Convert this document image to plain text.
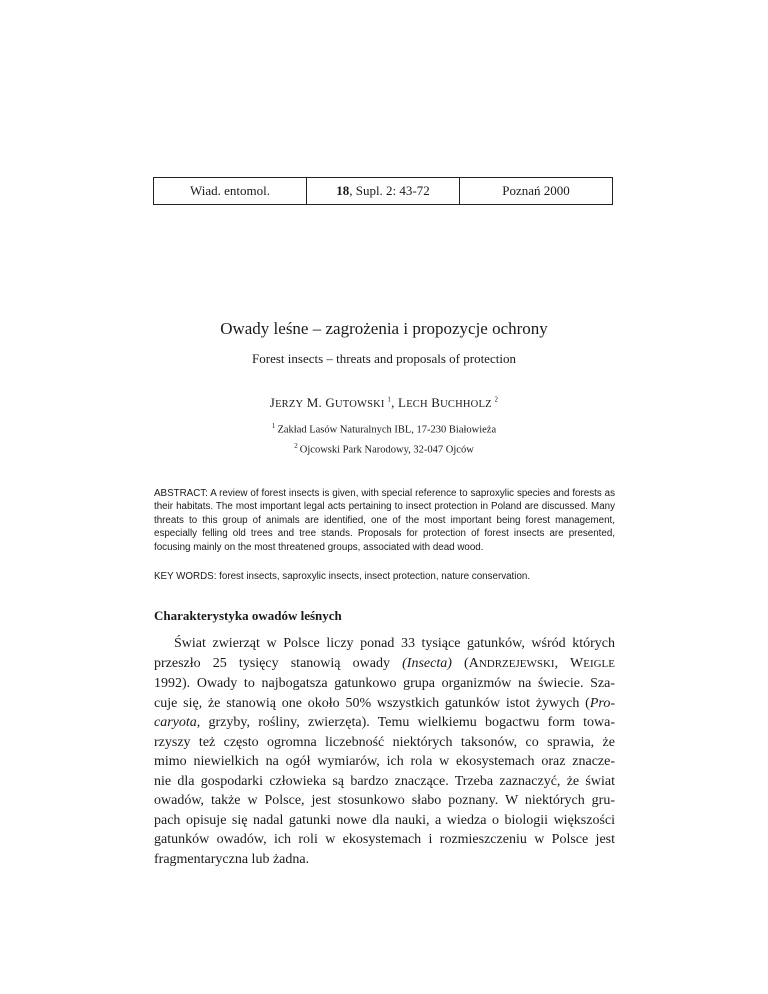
Wiad. entomol.	18 , Supl. 2: 43-72	Poznań 2000
Owady leśne – zagrożenia i propozycje ochrony
Forest insects – threats and proposals of protection
JERZY M. GUTOWSKI  $^1$, LECH BUCHHOLZ  $^2$
$^1$  Zakład Lasów Naturalnych IBL, 17-230 Białowieża
$^2$  Ojcowski Park Narodowy, 32-047 Ojców
ABSTRACT: A review of forest insects is given, with special reference to saproxylic species and forests as their habitats. The most important legal acts pertaining to insect protection in Poland are discussed. Many threats to this group of animals are identified, one of the most important being forest management, especially felling old trees and tree stands. Proposals for protection of forest insects are presented, focusing mainly on the most threatened groups, associated with dead wood.
KEY WORDS: forest insects, saproxylic insects, insect protection, nature conservation.
Charakterystyka owadów leśnych
Świat zwierząt w Polsce liczy ponad 33 tysiące gatunków, wśród których
przeszło 25 tysięcy stanowią owady (Insecta) (ANDRZEJEWSKI, WEIGLE
1992). Owady to najbogatsza gatunkowo grupa organizmów na świecie. Sza-
cuje się, że stanowią one około 50% wszystkich gatunków istot żywych (Pro-
caryota, grzyby, rośliny, zwierzęta). Temu wielkiemu bogactwu form towa-
rzyszy też często ogromna liczebność niektórych taksonów, co sprawia, że
mimo niewielkich na ogół wymiarów, ich rola w ekosystemach oraz znacze-
nie dla gospodarki człowieka są bardzo znaczące. Trzeba zaznaczyć, że świat
owadów, także w Polsce, jest stosunkowo słabo poznany. W niektórych gru-
pach opisuje się nadal gatunki nowe dla nauki, a wiedza o biologii większości
gatunków owadów, ich roli w ekosystemach i rozmieszczeniu w Polsce jest
fragmentaryczna lub żadna.
